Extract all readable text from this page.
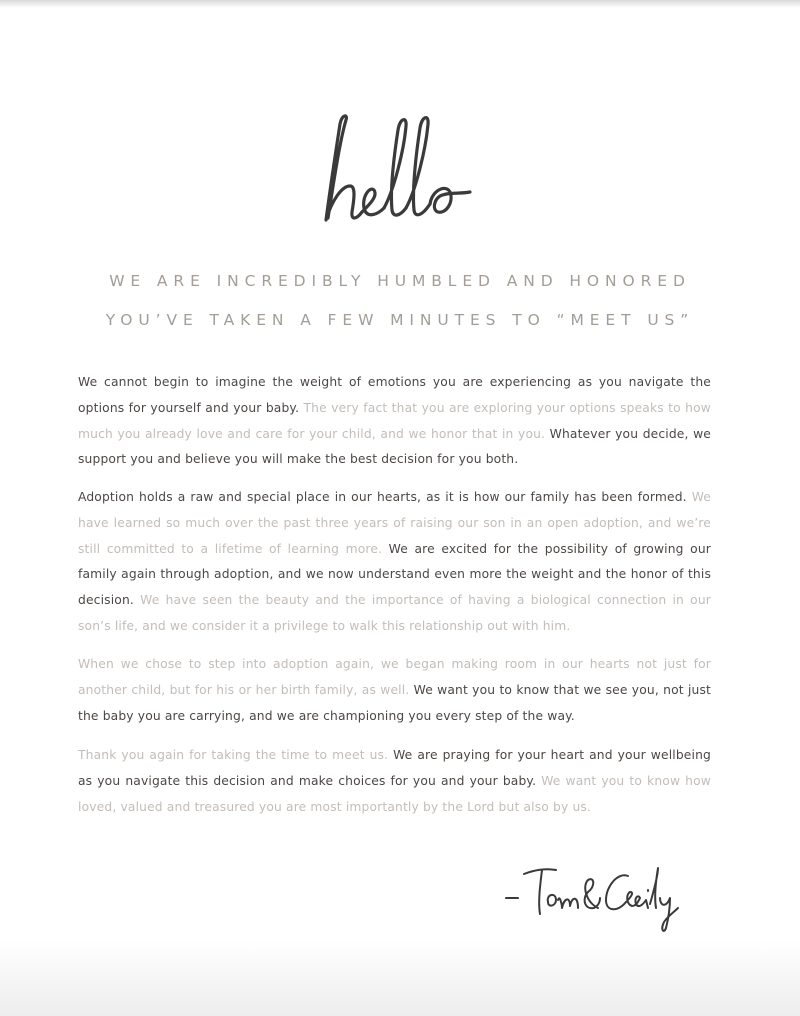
WE ARE INCREDIBLY HUMBLED AND HONORED
YOU’VE TAKEN A FEW MINUTES TO “MEET US”
We cannot begin to imagine the weight of emotions you are experiencing as you navigate the options for yourself and your baby. The very fact that you are exploring your options speaks to how much you already love and care for your child, and we honor that in you. Whatever you decide, we support you and believe you will make the best decision for you both.
Adoption holds a raw and special place in our hearts, as it is how our family has been formed. We have learned so much over the past three years of raising our son in an open adoption, and we’re still committed to a lifetime of learning more. We are excited for the possibility of growing our family again through adoption, and we now understand even more the weight and the honor of this decision. We have seen the beauty and the importance of having a biological connection in our son’s life, and we consider it a privilege to walk this relationship out with him.
When we chose to step into adoption again, we began making room in our hearts not just for another child, but for his or her birth family, as well. We want you to know that we see you, not just the baby you are carrying, and we are championing you every step of the way.
Thank you again for taking the time to meet us. We are praying for your heart and your wellbeing as you navigate this decision and make choices for you and your baby. We want you to know how loved, valued and treasured you are most importantly by the Lord but also by us.
